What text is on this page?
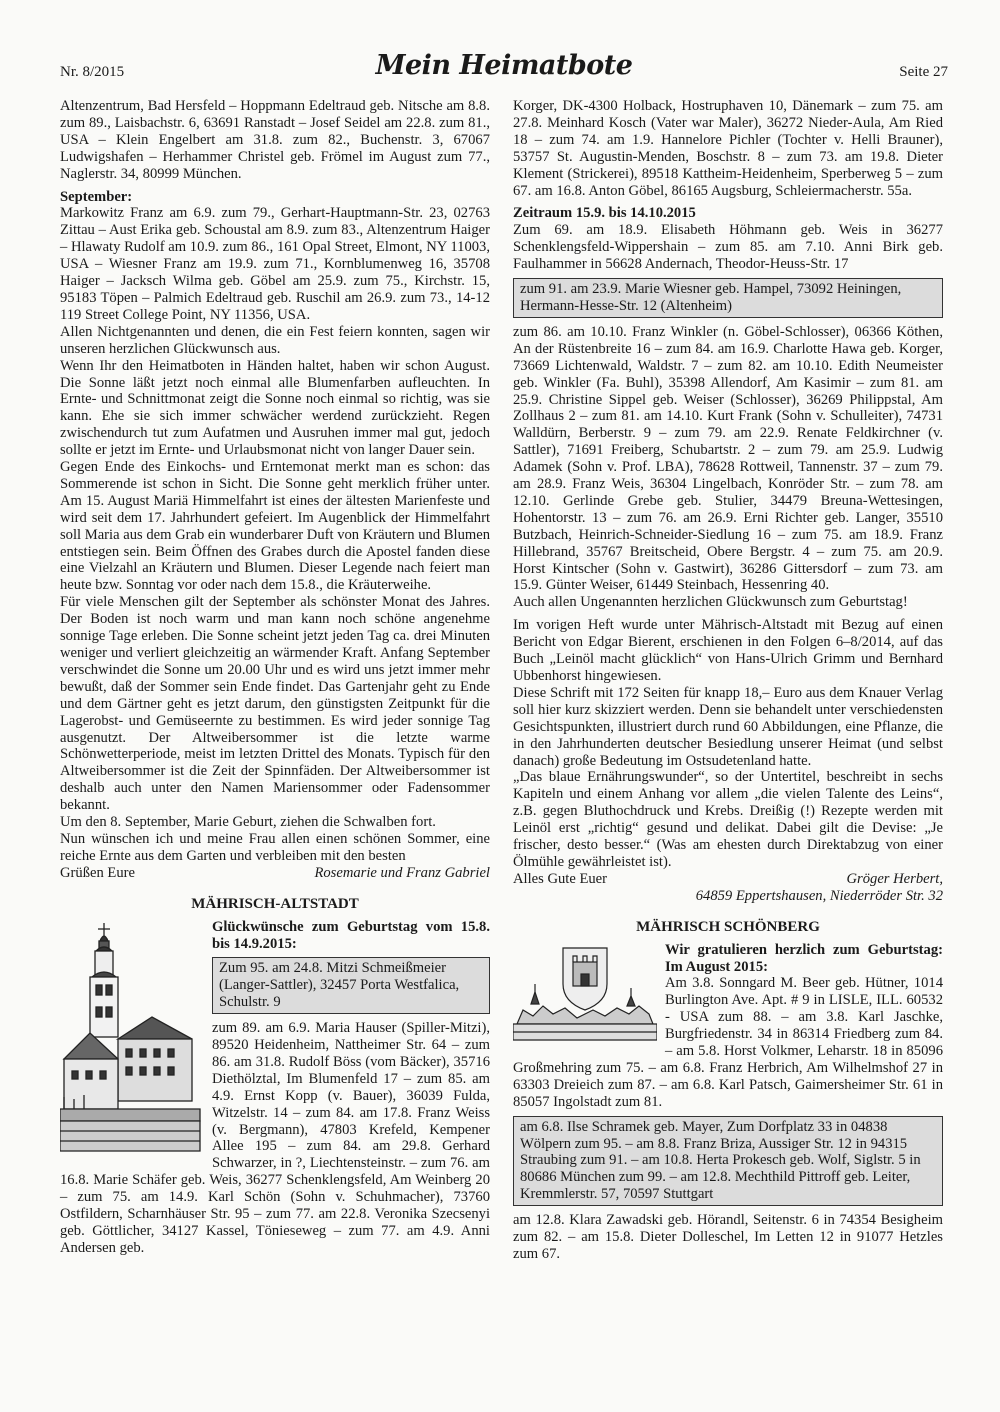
Nr. 8/2015	Mein Heimatbote	Seite 27

Altenzentrum, Bad Hersfeld – Hoppmann Edeltraud geb. Nitsche am 8.8. zum 89., Laisbachstr. 6, 63691 Ranstadt – Josef Seidel am 22.8. zum 81., USA – Klein Engelbert am 31.8. zum 82., Buchenstr. 3, 67067 Ludwigshafen – Herhammer Christel geb. Frömel im August zum 77., Naglerstr. 34, 80999 München.

September:

Markowitz Franz am 6.9. zum 79., Gerhart-Hauptmann-Str. 23, 02763 Zittau – Aust Erika geb. Schoustal am 8.9. zum 83., Altenzentrum Haiger – Hlawaty Rudolf am 10.9. zum 86., 161 Opal Street, Elmont, NY 11003, USA – Wiesner Franz am 19.9. zum 71., Kornblumenweg 16, 35708 Haiger – Jacksch Wilma geb. Göbel am 25.9. zum 75., Kirchstr. 15, 95183 Töpen – Palmich Edeltraud geb. Ruschil am 26.9. zum 73., 14-12 119 Street College Point, NY 11356, USA.

Allen Nichtgenannten und denen, die ein Fest feiern konnten, sagen wir unseren herzlichen Glückwunsch aus.

Wenn Ihr den Heimatboten in Händen haltet, haben wir schon August. Die Sonne läßt jetzt noch einmal alle Blumenfarben aufleuchten. In Ernte- und Schnittmonat zeigt die Sonne noch einmal so richtig, was sie kann. Ehe sie sich immer schwächer werdend zurückzieht. Regen zwischendurch tut zum Aufatmen und Ausruhen immer mal gut, jedoch sollte er jetzt im Ernte- und Urlaubsmonat nicht von langer Dauer sein.

Gegen Ende des Einkochs- und Erntemonat merkt man es schon: das Sommerende ist schon in Sicht. Die Sonne geht merklich früher unter. Am 15. August Mariä Himmelfahrt ist eines der ältesten Marienfeste und wird seit dem 17. Jahrhundert gefeiert. Im Augenblick der Himmelfahrt soll Maria aus dem Grab ein wunderbarer Duft von Kräutern und Blumen entstiegen sein. Beim Öffnen des Grabes durch die Apostel fanden diese eine Vielzahl an Kräutern und Blumen. Dieser Legende nach feiert man heute bzw. Sonntag vor oder nach dem 15.8., die Kräuterweihe.

Für viele Menschen gilt der September als schönster Monat des Jahres. Der Boden ist noch warm und man kann noch schöne angenehme sonnige Tage erleben. Die Sonne scheint jetzt jeden Tag ca. drei Minuten weniger und verliert gleichzeitig an wärmender Kraft. Anfang September verschwindet die Sonne um 20.00 Uhr und es wird uns jetzt immer mehr bewußt, daß der Sommer sein Ende findet. Das Gartenjahr geht zu Ende und dem Gärtner geht es jetzt darum, den günstigsten Zeitpunkt für die Lagerobst- und Gemüseernte zu bestimmen. Es wird jeder sonnige Tag ausgenutzt. Der Altweibersommer ist die letzte warme Schönwetterperiode, meist im letzten Drittel des Monats. Typisch für den Altweibersommer ist die Zeit der Spinnfäden. Der Altweibersommer ist deshalb auch unter den Namen Mariensommer oder Fadensommer bekannt.

Um den 8. September, Marie Geburt, ziehen die Schwalben fort.

Nun wünschen ich und meine Frau allen einen schönen Sommer, eine reiche Ernte aus dem Garten und verbleiben mit den besten

Grüßen Eure	Rosemarie und Franz Gabriel

MÄHRISCH-ALTSTADT

Glückwünsche zum Geburtstag vom 15.8. bis 14.9.2015:

Zum 95. am 24.8. Mitzi Schmeißmeier (Langer-Sattler), 32457 Porta Westfalica, Schulstr. 9

zum 89. am 6.9. Maria Hauser (Spiller-Mitzi), 89520 Heidenheim, Nattheimer Str. 64 – zum 86. am 31.8. Rudolf Böss (vom Bäcker), 35716 Diethölztal, Im Blumenfeld 17 – zum 85. am 4.9. Ernst Kopp (v. Bauer), 36039 Fulda, Witzelstr. 14 – zum 84. am 17.8. Franz Weiss (v. Bergmann), 47803 Krefeld, Kempener Allee 195 – zum 84. am 29.8. Gerhard Schwarzer, in ?, Liechtensteinstr. – zum 76. am 16.8. Marie Schäfer geb. Weis, 36277 Schenklengsfeld, Am Weinberg 20 – zum 75. am 14.9. Karl Schön (Sohn v. Schuhmacher), 73760 Ostfildern, Scharnhäuser Str. 95 – zum 77. am 22.8. Veronika Szecsenyi geb. Göttlicher, 34127 Kassel, Tönieseweg – zum 77. am 4.9. Anni Andersen geb.

Korger, DK-4300 Holback, Hostruphaven 10, Dänemark – zum 75. am 27.8. Meinhard Kosch (Vater war Maler), 36272 Nieder-Aula, Am Ried 18 – zum 74. am 1.9. Hannelore Pichler (Tochter v. Helli Brauner), 53757 St. Augustin-Menden, Boschstr. 8 – zum 73. am 19.8. Dieter Klement (Strickerei), 89518 Kattheim-Heidenheim, Sperberweg 5 – zum 67. am 16.8. Anton Göbel, 86165 Augsburg, Schleiermacherstr. 55a.

Zeitraum 15.9. bis 14.10.2015

Zum 69. am 18.9. Elisabeth Höhmann geb. Weis in 36277 Schenklengsfeld-Wippershain – zum 85. am 7.10. Anni Birk geb. Faulhammer in 56628 Andernach, Theodor-Heuss-Str. 17

zum 91. am 23.9. Marie Wiesner geb. Hampel, 73092 Heiningen, Hermann-Hesse-Str. 12 (Altenheim)

zum 86. am 10.10. Franz Winkler (n. Göbel-Schlosser), 06366 Köthen, An der Rüstenbreite 16 – zum 84. am 16.9. Charlotte Hawa geb. Korger, 73669 Lichtenwald, Waldstr. 7 – zum 82. am 10.10. Edith Neumeister geb. Winkler (Fa. Buhl), 35398 Allendorf, Am Kasimir – zum 81. am 25.9. Christine Sippel geb. Weiser (Schlosser), 36269 Philippstal, Am Zollhaus 2 – zum 81. am 14.10. Kurt Frank (Sohn v. Schulleiter), 74731 Walldürn, Berberstr. 9 – zum 79. am 22.9. Renate Feldkirchner (v. Sattler), 71691 Freiberg, Schubartstr. 2 – zum 79. am 25.9. Ludwig Adamek (Sohn v. Prof. LBA), 78628 Rottweil, Tannenstr. 37 – zum 79. am 28.9. Franz Weis, 36304 Lingelbach, Konröder Str. – zum 78. am 12.10. Gerlinde Grebe geb. Stulier, 34479 Breuna-Wettesingen, Hohentorstr. 13 – zum 76. am 26.9. Erni Richter geb. Langer, 35510 Butzbach, Heinrich-Schneider-Siedlung 16 – zum 75. am 18.9. Franz Hillebrand, 35767 Breitscheid, Obere Bergstr. 4 – zum 75. am 20.9. Horst Kintscher (Sohn v. Gastwirt), 36286 Gittersdorf – zum 73. am 15.9. Günter Weiser, 61449 Steinbach, Hessenring 40.

Auch allen Ungenannten herzlichen Glückwunsch zum Geburtstag!

Im vorigen Heft wurde unter Mährisch-Altstadt mit Bezug auf einen Bericht von Edgar Bierent, erschienen in den Folgen 6–8/2014, auf das Buch „Leinöl macht glücklich“ von Hans-Ulrich Grimm und Bernhard Ubbenhorst hingewiesen.

Diese Schrift mit 172 Seiten für knapp 18,– Euro aus dem Knauer Verlag soll hier kurz skizziert werden. Denn sie behandelt unter verschiedensten Gesichtspunkten, illustriert durch rund 60 Abbildungen, eine Pflanze, die in den Jahrhunderten deutscher Besiedlung unserer Heimat (und selbst danach) große Bedeutung im Ostsudetenland hatte.

„Das blaue Ernährungswunder“, so der Untertitel, beschreibt in sechs Kapiteln und einem Anhang vor allem „die vielen Talente des Leins“, z.B. gegen Bluthochdruck und Krebs. Dreißig (!) Rezepte werden mit Leinöl erst „richtig“ gesund und delikat. Dabei gilt die Devise: „Je frischer, desto besser.“ (Was am ehesten durch Direktabzug von einer Ölmühle gewährleistet ist).

Alles Gute Euer	Gröger Herbert,

64859 Eppertshausen, Niederröder Str. 32

MÄHRISCH SCHÖNBERG

Wir gratulieren herzlich zum Geburtstag: Im August 2015:

Am 3.8. Sonngard M. Beer geb. Hütner, 1014 Burlington Ave. Apt. # 9 in LISLE, ILL. 60532 - USA zum 88. – am 3.8. Karl Jaschke, Burgfriedenstr. 34 in 86314 Friedberg zum 84. – am 5.8. Horst Volkmer, Leharstr. 18 in 85096 Großmehring zum 75. – am 6.8. Franz Herbrich, Am Wilhelmshof 27 in 63303 Dreieich zum 87. – am 6.8. Karl Patsch, Gaimersheimer Str. 61 in 85057 Ingolstadt zum 81.

am 6.8. Ilse Schramek geb. Mayer, Zum Dorfplatz 33 in 04838 Wölpern zum 95. – am 8.8. Franz Briza, Aussiger Str. 12 in 94315 Straubing zum 91. – am 10.8. Herta Prokesch geb. Wolf, Siglstr. 5 in 80686 München zum 99. – am 12.8. Mechthild Pittroff geb. Leiter, Kremmlerstr. 57, 70597 Stuttgart

am 12.8. Klara Zawadski geb. Hörandl, Seitenstr. 6 in 74354 Besigheim zum 82. – am 15.8. Dieter Dolleschel, Im Letten 12 in 91077 Hetzles zum 67.
